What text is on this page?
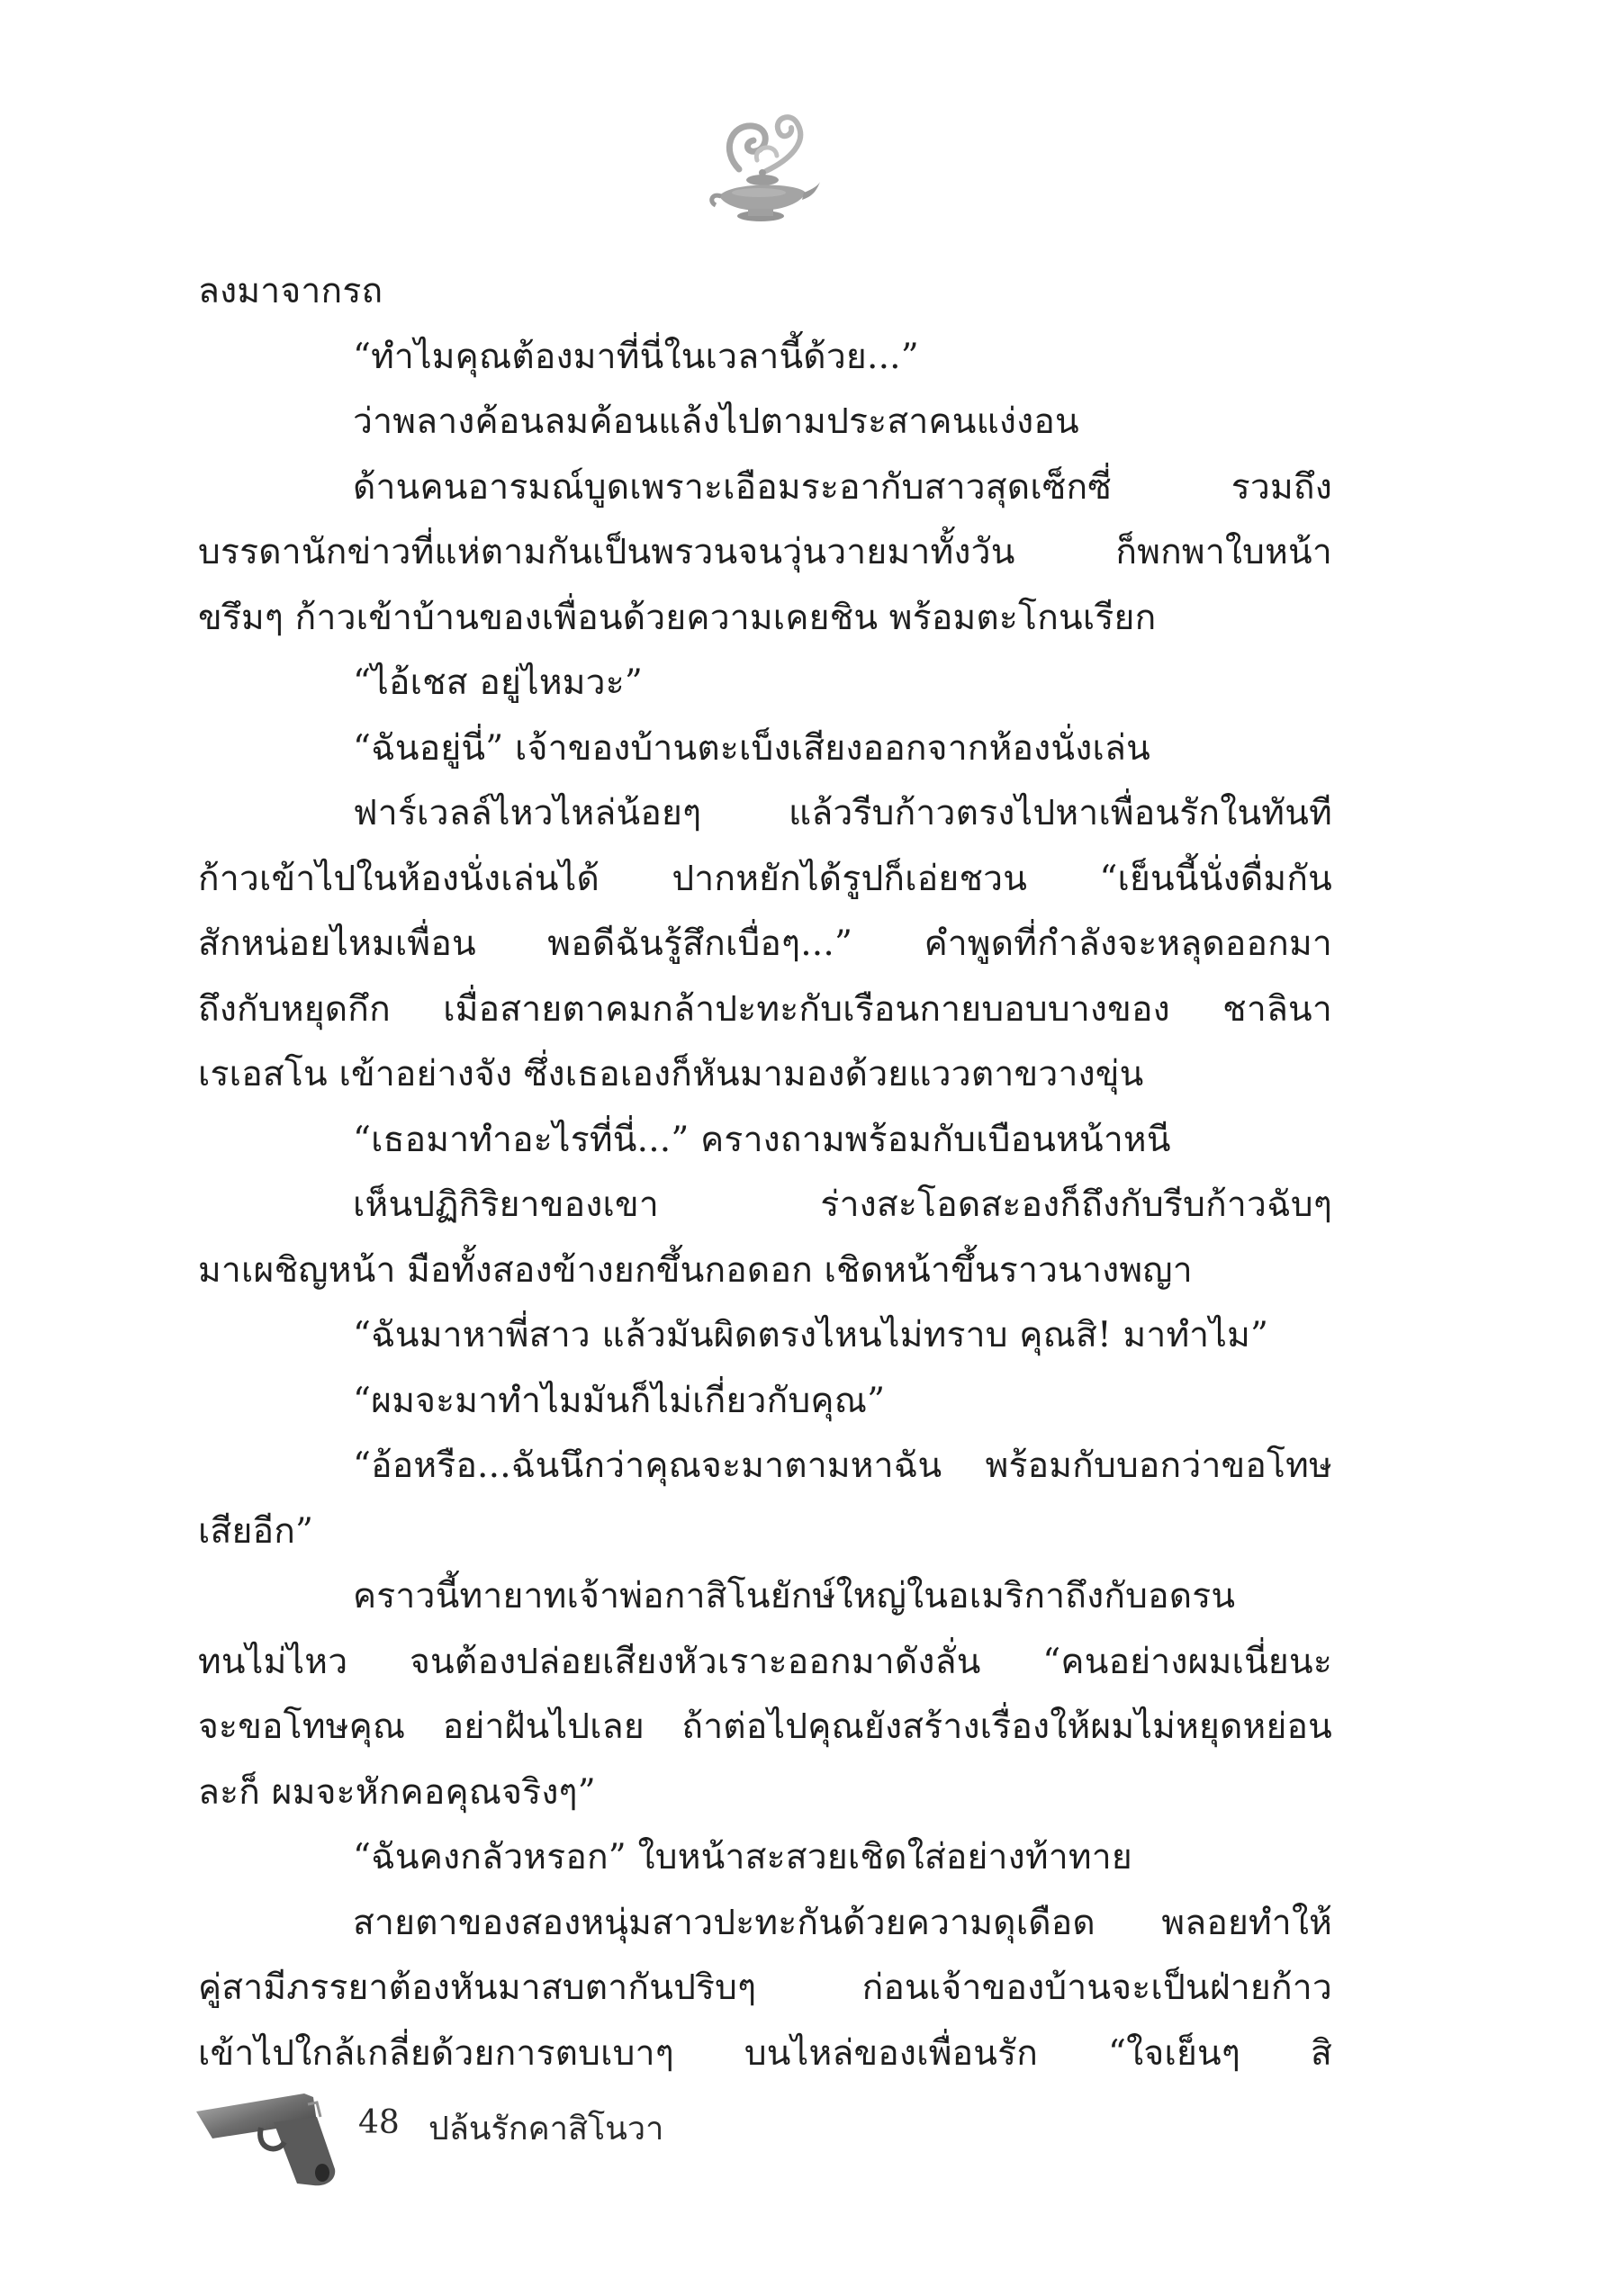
ลงมาจากรถ
“ทำไมคุณต้องมาที่นี่ในเวลานี้ด้วย...”
ว่าพลางค้อนลมค้อนแล้งไปตามประสาคนแง่งอน
ด้านคนอารมณ์บูดเพราะเอือมระอากับสาวสุดเซ็กซี่ รวมถึง
บรรดานักข่าวที่แห่ตามกันเป็นพรวนจนวุ่นวายมาทั้งวัน ก็พกพาใบหน้า
ขรึมๆ ก้าวเข้าบ้านของเพื่อนด้วยความเคยชิน พร้อมตะโกนเรียก
“ไอ้เชส อยู่ไหมวะ”
“ฉันอยู่นี่” เจ้าของบ้านตะเบ็งเสียงออกจากห้องนั่งเล่น
ฟาร์เวลล์ไหวไหล่น้อยๆ แล้วรีบก้าวตรงไปหาเพื่อนรักในทันที
ก้าวเข้าไปในห้องนั่งเล่นได้ ปากหยักได้รูปก็เอ่ยชวน “เย็นนี้นั่งดื่มกัน
สักหน่อยไหมเพื่อน พอดีฉันรู้สึกเบื่อๆ...” คำพูดที่กำลังจะหลุดออกมา
ถึงกับหยุดกึก เมื่อสายตาคมกล้าปะทะกับเรือนกายบอบบางของ ชาลินา
เรเอสโน เข้าอย่างจัง ซึ่งเธอเองก็หันมามองด้วยแววตาขวางขุ่น
“เธอมาทำอะไรที่นี่...” ครางถามพร้อมกับเบือนหน้าหนี
เห็นปฏิกิริยาของเขา ร่างสะโอดสะองก็ถึงกับรีบก้าวฉับๆ
มาเผชิญหน้า มือทั้งสองข้างยกขึ้นกอดอก เชิดหน้าขึ้นราวนางพญา
“ฉันมาหาพี่สาว แล้วมันผิดตรงไหนไม่ทราบ คุณสิ! มาทำไม”
“ผมจะมาทำไมมันก็ไม่เกี่ยวกับคุณ”
“อ้อหรือ...ฉันนึกว่าคุณจะมาตามหาฉัน พร้อมกับบอกว่าขอโทษ
เสียอีก”
คราวนี้ทายาทเจ้าพ่อกาสิโนยักษ์ใหญ่ในอเมริกาถึงกับอดรน
ทนไม่ไหว จนต้องปล่อยเสียงหัวเราะออกมาดังลั่น “คนอย่างผมเนี่ยนะ
จะขอโทษคุณ อย่าฝันไปเลย ถ้าต่อไปคุณยังสร้างเรื่องให้ผมไม่หยุดหย่อน
ละก็ ผมจะหักคอคุณจริงๆ”
“ฉันคงกลัวหรอก” ใบหน้าสะสวยเชิดใส่อย่างท้าทาย
สายตาของสองหนุ่มสาวปะทะกันด้วยความดุเดือด พลอยทำให้
คู่สามีภรรยาต้องหันมาสบตากันปริบๆ ก่อนเจ้าของบ้านจะเป็นฝ่ายก้าว
เข้าไปใกล้เกลี่ยด้วยการตบเบาๆ บนไหล่ของเพื่อนรัก “ใจเย็นๆ สิ
48 ปล้นรักคาสิโนวา
